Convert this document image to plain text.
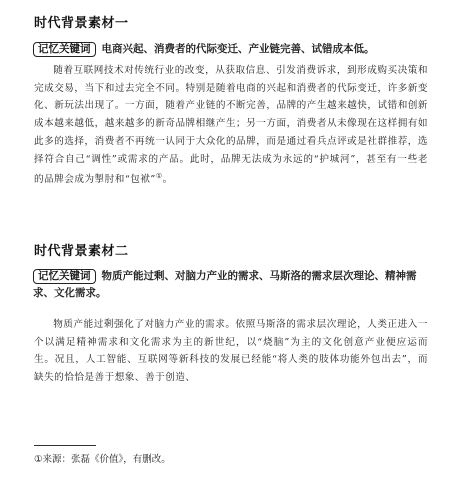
时代背景素材一
记忆关键词 电商兴起、消费者的代际变迁、产业链完善、试错成本低。

随着互联网技术对传统行业的改变，从获取信息、引发消费诉求，到形成购买决策和完成交易，当下和过去完全不同。特别是随着电商的兴起和消费者的代际变迁，许多新变化、新玩法出现了。一方面，随着产业链的不断完善，品牌的产生越来越快，试错和创新成本越来越低，越来越多的新奇品牌相继产生；另一方面，消费者从未像现在这样拥有如此多的选择，消费者不再统一认同于大众化的品牌，而是通过看兵点评或是社群推荐，选择符合自己“调性”或需求的产品。此时，品牌无法成为永远的“护城河”，甚至有一些老的品牌会成为掣肘和“包袱”①。

时代背景素材二
记忆关键词 物质产能过剩、对脑力产业的需求、马斯洛的需求层次理论、精神需求、文化需求。

物质产能过剩强化了对脑力产业的需求。依照马斯洛的需求层次理论，人类正进入一个以满足精神需求和文化需求为主的新世纪，以“烧脑”为主的文化创意产业便应运而生。况且，人工智能、互联网等新科技的发展已经能“将人类的肢体功能外包出去”，而缺失的恰恰是善于想象、善于创造、

①来源：张磊《价值》，有删改。
